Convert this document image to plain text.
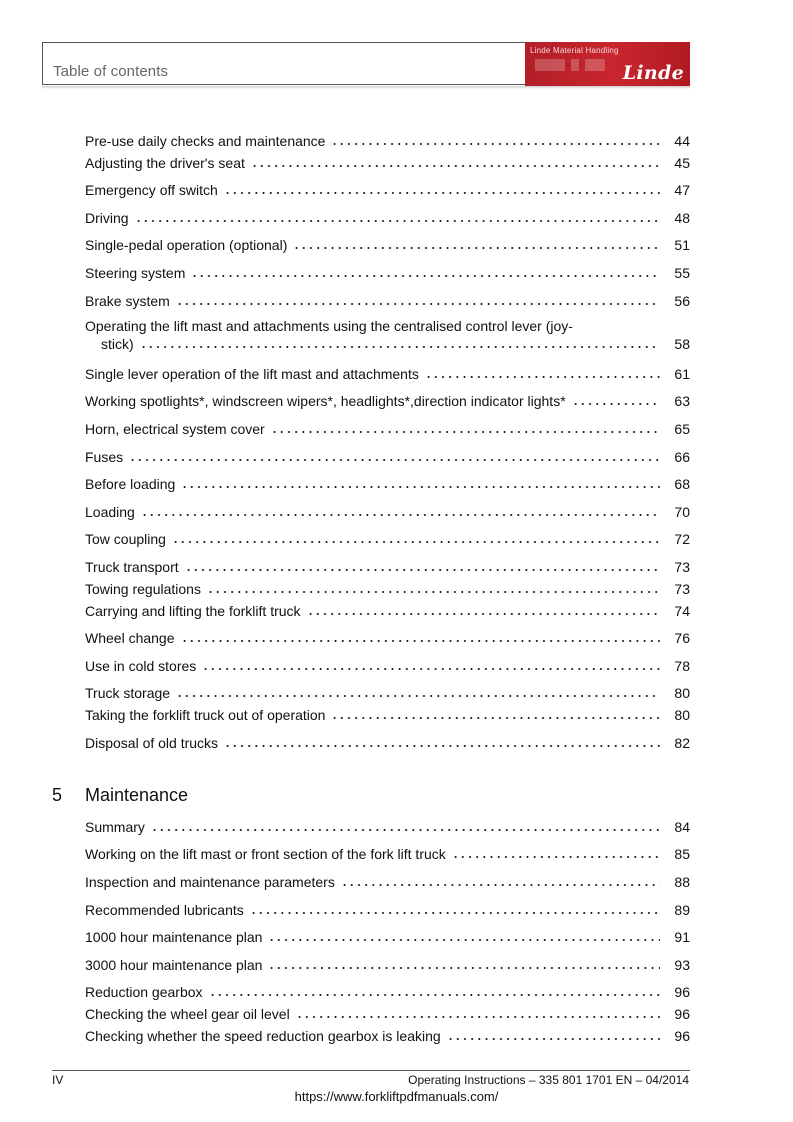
Table of contents
Linde Material Handling
Linde
Pre-use daily checks and maintenance	44
Adjusting the driver's seat	45
Emergency off switch	47
Driving	48
Single-pedal operation (optional)	51
Steering system	55
Brake system	56
Operating the lift mast and attachments using the centralised control lever (joy-
stick)	58
Single lever operation of the lift mast and attachments	61
Working spotlights*, windscreen wipers*, headlights*,direction indicator lights*	63
Horn, electrical system cover	65
Fuses	66
Before loading	68
Loading	70
Tow coupling	72
Truck transport	73
Towing regulations	73
Carrying and lifting the forklift truck	74
Wheel change	76
Use in cold stores	78
Truck storage	80
Taking the forklift truck out of operation	80
Disposal of old trucks	82
5 Maintenance
Summary	84
Working on the lift mast or front section of the fork lift truck	85
Inspection and maintenance parameters	88
Recommended lubricants	89
1000 hour maintenance plan	91
3000 hour maintenance plan	93
Reduction gearbox	96
Checking the wheel gear oil level	96
Checking whether the speed reduction gearbox is leaking	96
IV	Operating Instructions – 335 801 1701 EN – 04/2014
https://www.forkliftpdfmanuals.com/
